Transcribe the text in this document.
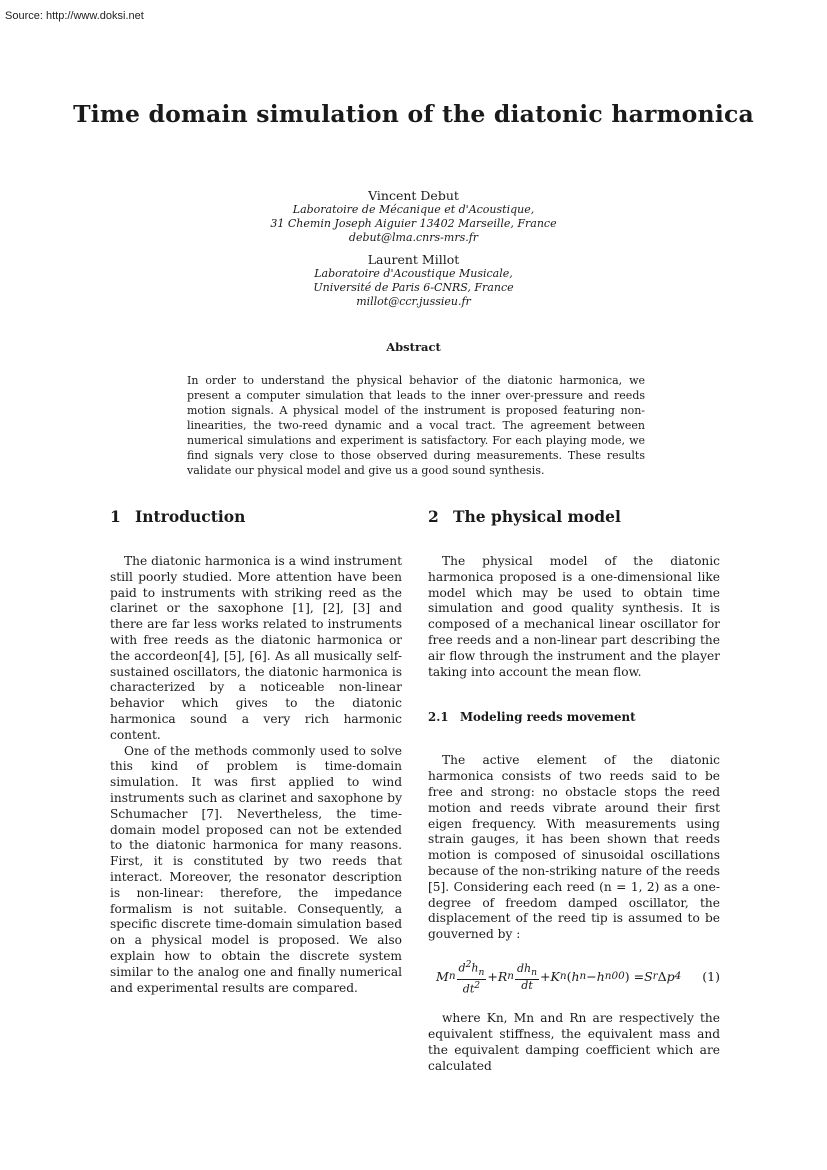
Source: http://www.doksi.net
Time domain simulation of the diatonic harmonica
Vincent Debut
Laboratoire de Mécanique et d'Acoustique,
31 Chemin Joseph Aiguier 13402 Marseille, France
debut@lma.cnrs-mrs.fr
Laurent Millot
Laboratoire d'Acoustique Musicale,
Université de Paris 6-CNRS, France
millot@ccr.jussieu.fr
Abstract
In order to understand the physical behavior of the diatonic harmonica, we present a computer simulation that leads to the inner over-pressure and reeds motion signals. A physical model of the instrument is proposed featuring non-linearities, the two-reed dynamic and a vocal tract. The agreement between numerical simulations and experiment is satisfactory. For each playing mode, we find signals very close to those observed during measurements. These results validate our physical model and give us a good sound synthesis.
1 Introduction

The diatonic harmonica is a wind instrument still poorly studied. More attention have been paid to instruments with striking reed as the clarinet or the saxophone [1], [2], [3] and there are far less works related to instruments with free reeds as the diatonic harmonica or the accordeon[4], [5], [6]. As all musically self-sustained oscillators, the diatonic harmonica is characterized by a noticeable non-linear behavior which gives to the diatonic harmonica sound a very rich harmonic content.

One of the methods commonly used to solve this kind of problem is time-domain simulation. It was first applied to wind instruments such as clarinet and saxophone by Schumacher [7]. Nevertheless, the time-domain model proposed can not be extended to the diatonic harmonica for many reasons. First, it is constituted by two reeds that interact. Moreover, the resonator description is non-linear: therefore, the impedance formalism is not suitable. Consequently, a specific discrete time-domain simulation based on a physical model is proposed. We also explain how to obtain the discrete system similar to the analog one and finally numerical and experimental results are compared.

2 The physical model

The physical model of the diatonic harmonica proposed is a one-dimensional like model which may be used to obtain time simulation and good quality synthesis. It is composed of a mechanical linear oscillator for free reeds and a non-linear part describing the air flow through the instrument and the player taking into account the mean flow.

2.1 Modeling reeds movement

The active element of the diatonic harmonica consists of two reeds said to be free and strong: no obstacle stops the reed motion and reeds vibrate around their first eigen frequency. With measurements using strain gauges, it has been shown that reeds motion is composed of sinusoidal oscillations because of the non-striking nature of the reeds [5]. Considering each reed (n = 1, 2) as a one-degree of freedom damped oscillator, the displacement of the reed tip is assumed to be gouverned by :

M n $\frac{d^2h_n}{dt^2} + R$ n $\frac{dh_n}{dt} + K$ n ( h n − h n00 ) = S r Δ p 4 (1)

where Kn, Mn and Rn are respectively the equivalent stiffness, the equivalent mass and the equivalent damping coefficient which are calculated
